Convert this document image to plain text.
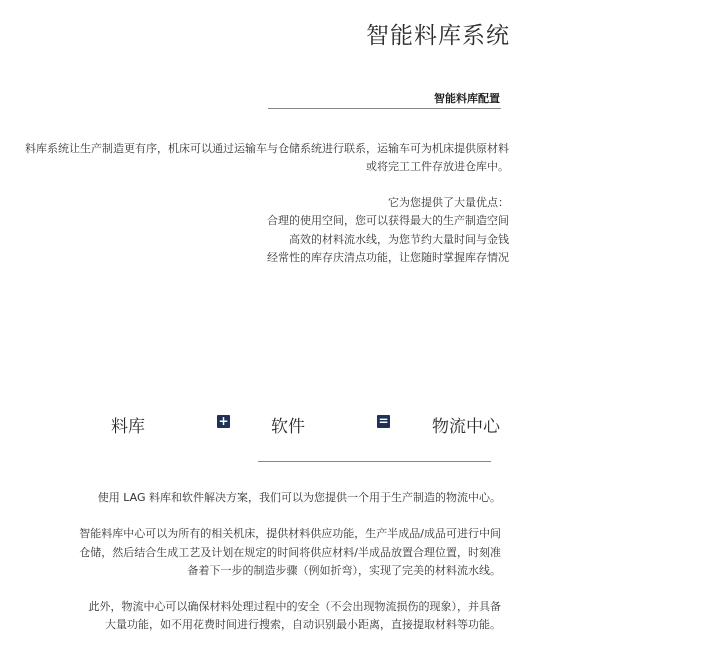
智能料库系统
智能料库配置

料库系统让生产制造更有序，机床可以通过运输车与仓储系统进行联系，运输车可为机床提供原材料

或将完工工件存放进仓库中。

它为您提供了大量优点：

合理的使用空间，您可以获得最大的生产制造空间

高效的材料流水线，为您节约大量时间与金钱

经常性的库存庆清点功能，让您随时掌握库存情况

料库	+ 软件	=	物流中心

使用 LAG 料库和软件解决方案，我们可以为您提供一个用于生产制造的物流中心。

智能料库中心可以为所有的相关机床，提供材料供应功能，生产半成品/成品可进行中间
仓储，然后结合生成工艺及计划在规定的时间将供应材料/半成品放置合理位置，时刻准
备着下一步的制造步骤（例如折弯），实现了完美的材料流水线。

此外，物流中心可以确保材料处理过程中的安全（不会出现物流损伤的现象），并具备
大量功能，如不用花费时间进行搜索，自动识别最小距离，直接提取材料等功能。
